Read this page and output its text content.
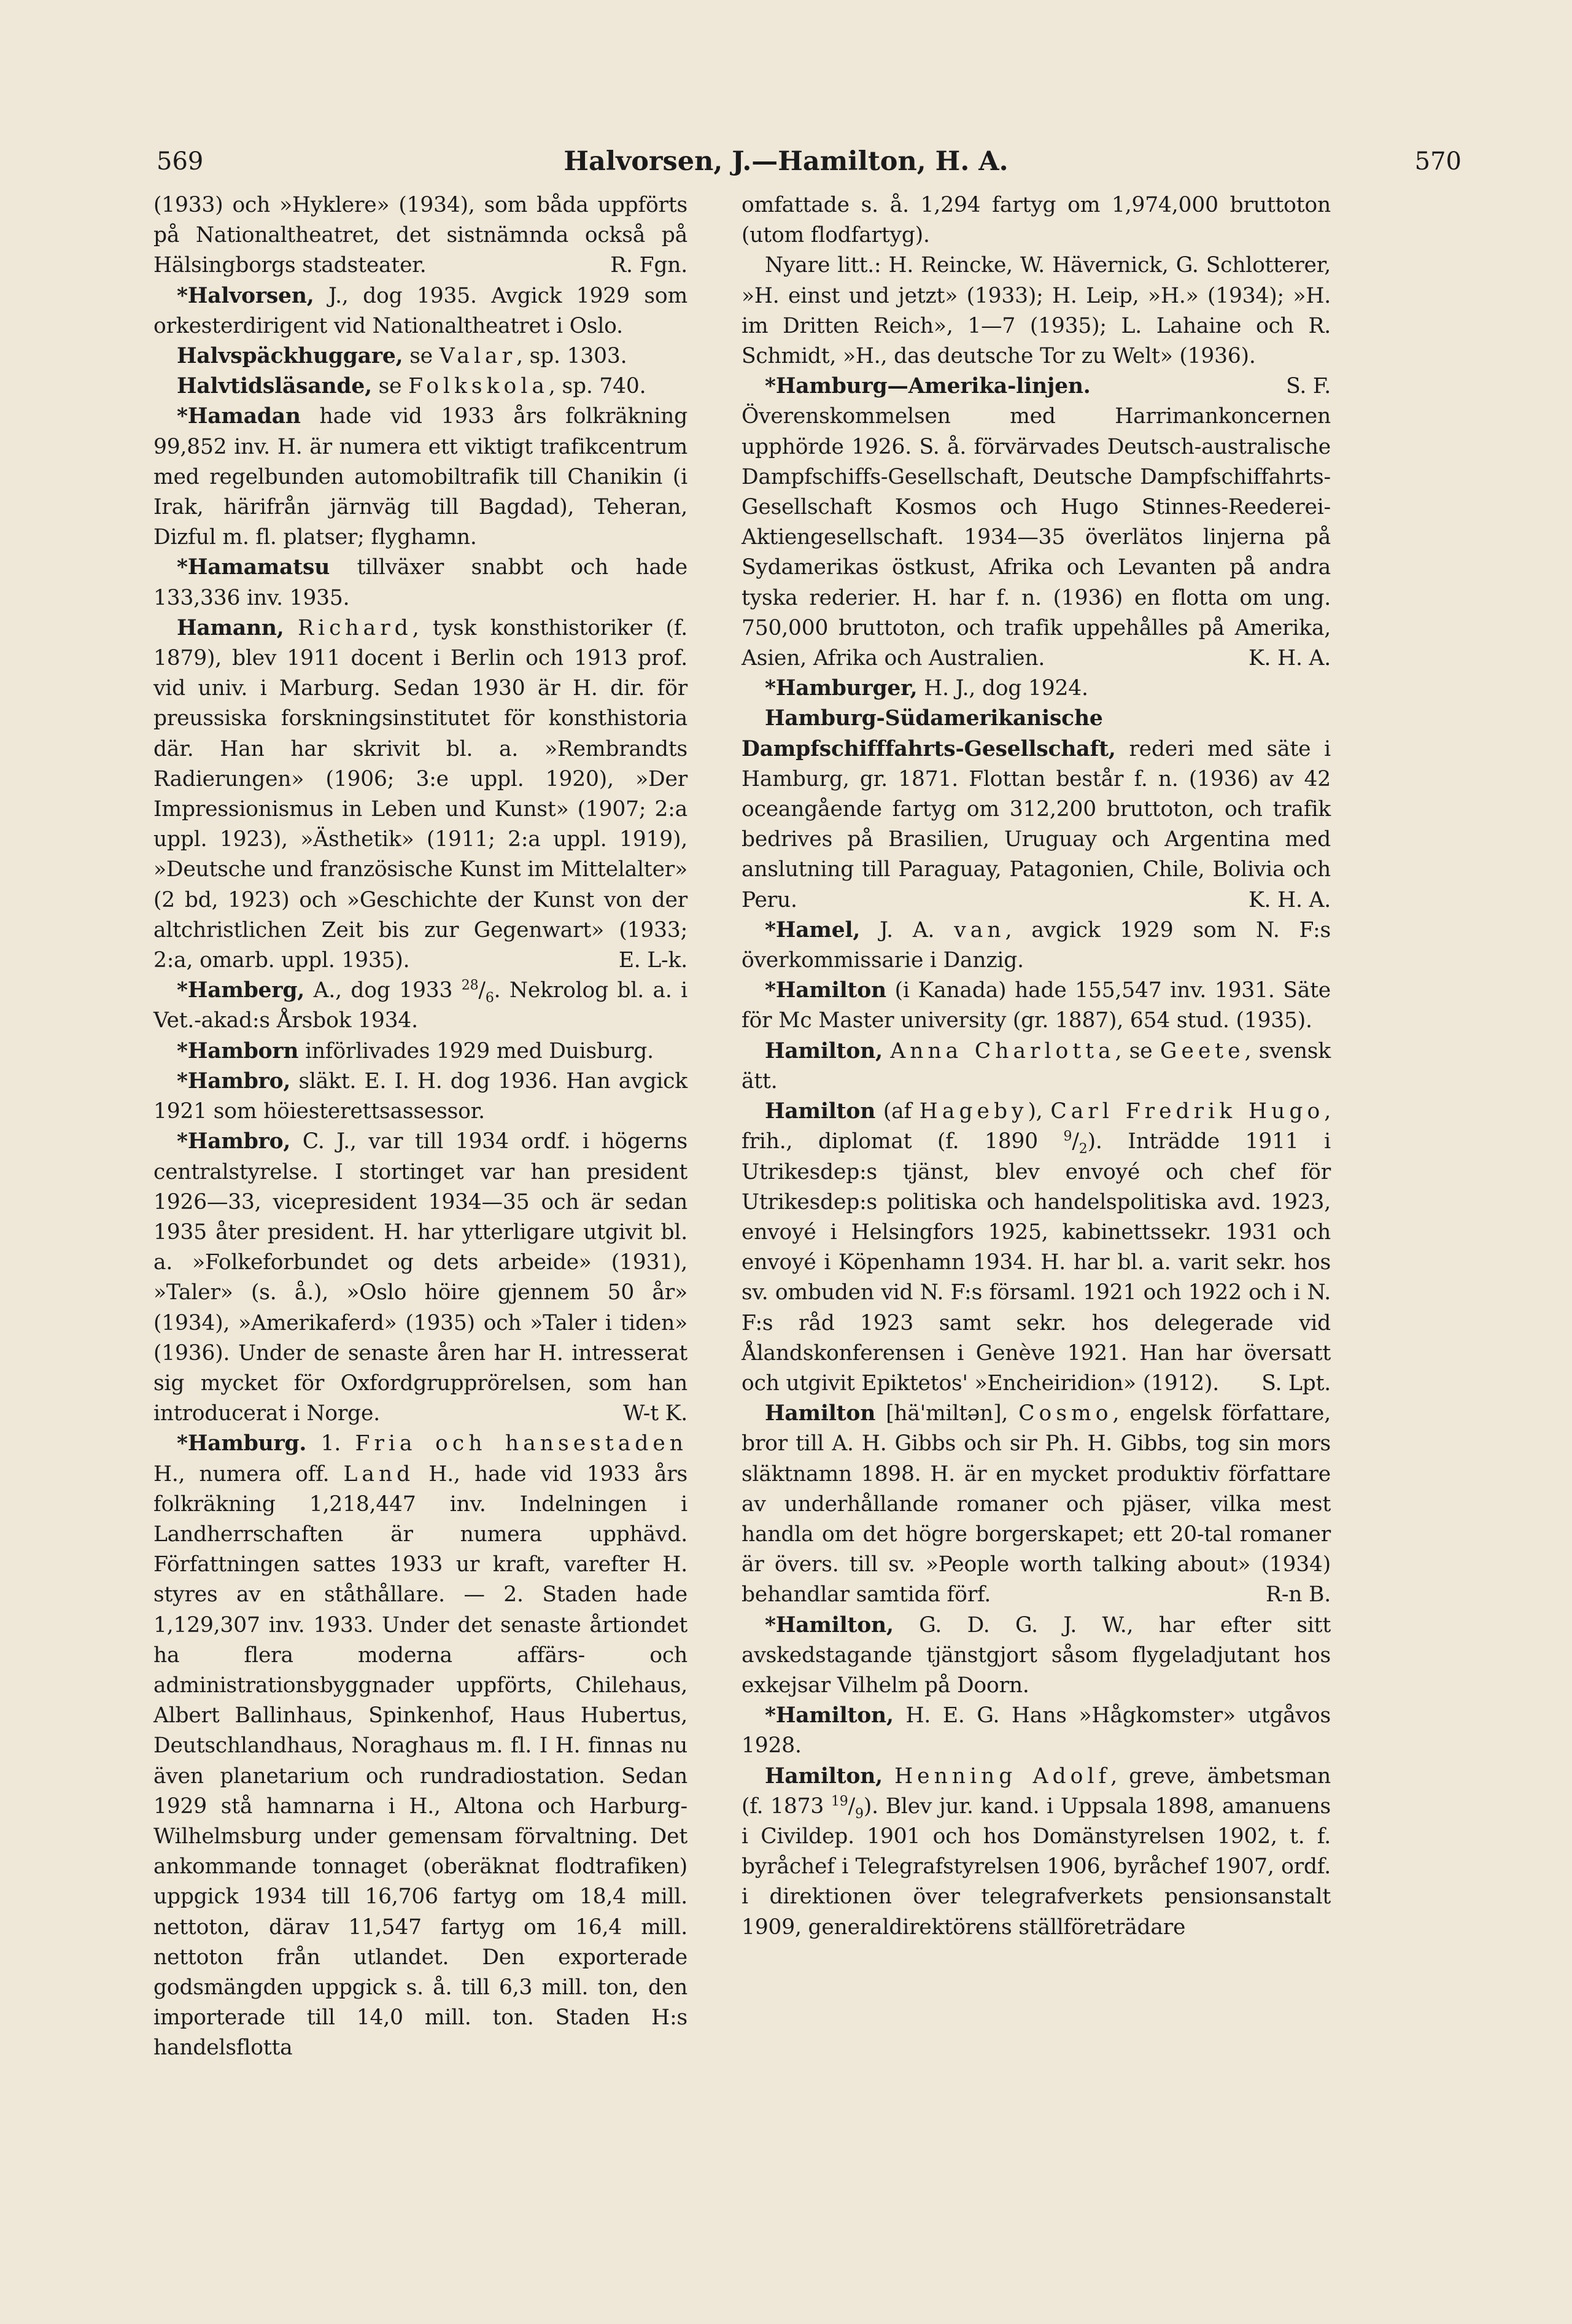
569	Halvorsen, J.—Hamilton, H. A.	570

(1933) och »Hyklere» (1934), som båda uppförts på Nationaltheatret, det sistnämnda också på Hälsingborgs stadsteater.	R. Fgn.

*Halvorsen, J., dog 1935. Avgick 1929 som orkesterdirigent vid Nationaltheatret i Oslo.

Halvspäckhuggare, se Valar, sp. 1303.

Halvtidsläsande, se Folkskola, sp. 740.

*Hamadan hade vid 1933 års folkräkning 99,852 inv. H. är numera ett viktigt trafikcentrum med regelbunden automobiltrafik till Chanikin (i Irak, härifrån järnväg till Bagdad), Teheran, Dizful m. fl. platser; flyghamn.

*Hamamatsu tillväxer snabbt och hade 133,336 inv. 1935.

Hamann, Richard, tysk konsthistoriker (f. 1879), blev 1911 docent i Berlin och 1913 prof. vid univ. i Marburg. Sedan 1930 är H. dir. för preussiska forskningsinstitutet för konsthistoria där. Han har skrivit bl. a. »Rembrandts Radierungen» (1906; 3:e uppl. 1920), »Der Impressionismus in Leben und Kunst» (1907; 2:a uppl. 1923), »Ästhetik» (1911; 2:a uppl. 1919), »Deutsche und französische Kunst im Mittelalter» (2 bd, 1923) och »Geschichte der Kunst von der altchristlichen Zeit bis zur Gegenwart» (1933; 2:a, omarb. uppl. 1935).	E. L-k.

*Hamberg, A., dog 1933 $^{28}/_6$. Nekrolog bl. a. i Vet.-akad:s Årsbok 1934.

*Hamborn införlivades 1929 med Duisburg.

*Hambro, släkt. E. I. H. dog 1936. Han avgick 1921 som höiesterettsassessor.

*Hambro, C. J., var till 1934 ordf. i högerns centralstyrelse. I stortinget var han president 1926—33, vicepresident 1934—35 och är sedan 1935 åter president. H. har ytterligare utgivit bl. a. »Folkeforbundet og dets arbeide» (1931), »Taler» (s. å.), »Oslo höire gjennem 50 år» (1934), »Amerikaferd» (1935) och »Taler i tiden» (1936). Under de senaste åren har H. intresserat sig mycket för Oxfordgrupprörelsen, som han introducerat i Norge.	W-t K.

*Hamburg. 1. Fria och hansestaden H., numera off. Land H., hade vid 1933 års folkräkning 1,218,447 inv. Indelningen i Landherrschaften är numera upphävd. Författningen sattes 1933 ur kraft, varefter H. styres av en ståthållare. — 2. Staden hade 1,129,307 inv. 1933. Under det senaste årtiondet ha flera moderna affärs- och administrationsbyggnader uppförts, Chilehaus, Albert Ballinhaus, Spinkenhof, Haus Hubertus, Deutschlandhaus, Noraghaus m. fl. I H. finnas nu även planetarium och rundradiostation. Sedan 1929 stå hamnarna i H., Altona och Harburg-Wilhelmsburg under gemensam förvaltning. Det ankommande tonnaget (oberäknat flodtrafiken) uppgick 1934 till 16,706 fartyg om 18,4 mill. nettoton, därav 11,547 fartyg om 16,4 mill. nettoton från utlandet. Den exporterade godsmängden uppgick s. å. till 6,3 mill. ton, den importerade till 14,0 mill. ton. Staden H:s handelsflotta

omfattade s. å. 1,294 fartyg om 1,974,000 bruttoton (utom flodfartyg).

Nyare litt.: H. Reincke, W. Hävernick, G. Schlotterer, »H. einst und jetzt» (1933); H. Leip, »H.» (1934); »H. im Dritten Reich», 1—7 (1935); L. Lahaine och R. Schmidt, »H., das deutsche Tor zu Welt» (1936).
S. F.

*Hamburg—Amerika-linjen. Överenskommelsen med Harrimankoncernen upphörde 1926. S. å. förvärvades Deutsch-australische Dampfschiffs-Gesellschaft, Deutsche Dampfschiffahrts-Gesellschaft Kosmos och Hugo Stinnes-Reederei-Aktiengesellschaft. 1934—35 överlätos linjerna på Sydamerikas östkust, Afrika och Levanten på andra tyska rederier. H. har f. n. (1936) en flotta om ung. 750,000 bruttoton, och trafik uppehålles på Amerika, Asien, Afrika och Australien.	K. H. A.

*Hamburger, H. J., dog 1924.

Hamburg-Südamerikanische Dampfschifffahrts-Gesellschaft, rederi med säte i Hamburg, gr. 1871. Flottan består f. n. (1936) av 42 oceangående fartyg om 312,200 bruttoton, och trafik bedrives på Brasilien, Uruguay och Argentina med anslutning till Paraguay, Patagonien, Chile, Bolivia och Peru.	K. H. A.

*Hamel, J. A. van, avgick 1929 som N. F:s överkommissarie i Danzig.

*Hamilton (i Kanada) hade 155,547 inv. 1931. Säte för Mc Master university (gr. 1887), 654 stud. (1935).

Hamilton, Anna Charlotta, se Geete, svensk ätt.

Hamilton (af Hageby), Carl Fredrik Hugo, frih., diplomat (f. 1890 $^9/_2$). Inträdde 1911 i Utrikesdep:s tjänst, blev envoyé och chef för Utrikesdep:s politiska och handelspolitiska avd. 1923, envoyé i Helsingfors 1925, kabinettssekr. 1931 och envoyé i Köpenhamn 1934. H. har bl. a. varit sekr. hos sv. ombuden vid N. F:s församl. 1921 och 1922 och i N. F:s råd 1923 samt sekr. hos delegerade vid Ålandskonferensen i Genève 1921. Han har översatt och utgivit Epiktetos' »Encheiridion» (1912).	S. Lpt.

Hamilton [hä'miltən], Cosmo, engelsk författare, bror till A. H. Gibbs och sir Ph. H. Gibbs, tog sin mors släktnamn 1898. H. är en mycket produktiv författare av underhållande romaner och pjäser, vilka mest handla om det högre borgerskapet; ett 20-tal romaner är övers. till sv. »People worth talking about» (1934) behandlar samtida förf.	R-n B.

*Hamilton, G. D. G. J. W., har efter sitt avskedstagande tjänstgjort såsom flygeladjutant hos exkejsar Vilhelm på Doorn.

*Hamilton, H. E. G. Hans »Hågkomster» utgåvos 1928.

Hamilton, Henning Adolf, greve, ämbetsman (f. 1873 $^{19}/_9$). Blev jur. kand. i Uppsala 1898, amanuens i Civildep. 1901 och hos Domänstyrelsen 1902, t. f. byråchef i Telegrafstyrelsen 1906, byråchef 1907, ordf. i direktionen över telegrafverkets pensionsanstalt 1909, generaldirektörens ställföreträdare
